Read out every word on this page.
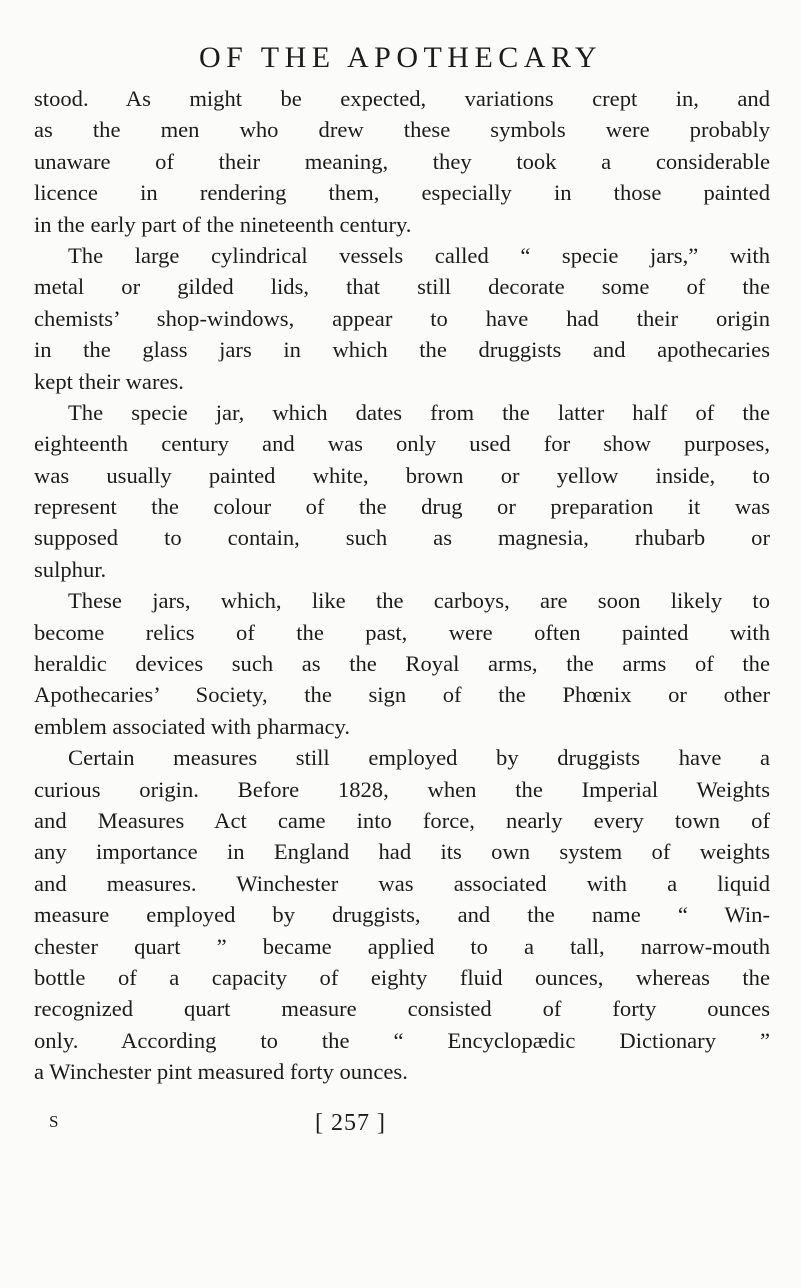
OF THE APOTHECARY
stood. As might be expected, variations crept in, and
as the men who drew these symbols were probably
unaware of their meaning, they took a considerable
licence in rendering them, especially in those painted
in the early part of the nineteenth century.
The large cylindrical vessels called “ specie jars,” with
metal or gilded lids, that still decorate some of the
chemists’ shop-windows, appear to have had their origin
in the glass jars in which the druggists and apothecaries
kept their wares.
The specie jar, which dates from the latter half of the
eighteenth century and was only used for show purposes,
was usually painted white, brown or yellow inside, to
represent the colour of the drug or preparation it was
supposed to contain, such as magnesia, rhubarb or
sulphur.
These jars, which, like the carboys, are soon likely to
become relics of the past, were often painted with
heraldic devices such as the Royal arms, the arms of the
Apothecaries’ Society, the sign of the Phœnix or other
emblem associated with pharmacy.
Certain measures still employed by druggists have a
curious origin. Before 1828, when the Imperial Weights
and Measures Act came into force, nearly every town of
any importance in England had its own system of weights
and measures. Winchester was associated with a liquid
measure employed by druggists, and the name “ Win-
chester quart ” became applied to a tall, narrow-mouth
bottle of a capacity of eighty fluid ounces, whereas the
recognized quart measure consisted of forty ounces
only. According to the “ Encyclopædic Dictionary ”
a Winchester pint measured forty ounces.
S	[ 257 ]
